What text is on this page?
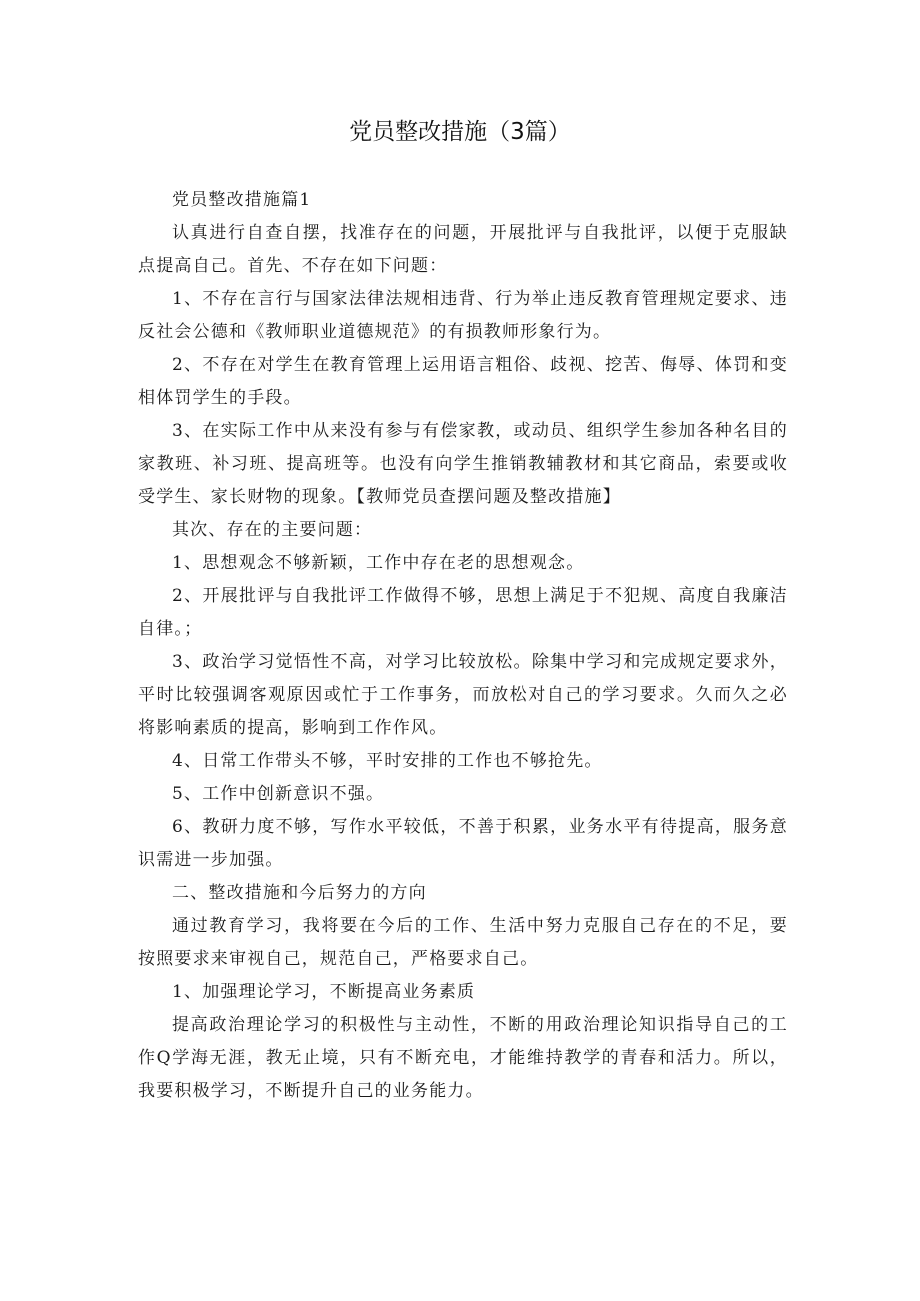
党员整改措施（3篇）

党员整改措施篇1

认真进行自查自摆，找准存在的问题，开展批评与自我批评，以便于克服缺点提高自己。首先、不存在如下问题：

1、不存在言行与国家法律法规相违背、行为举止违反教育管理规定要求、违反社会公德和《教师职业道德规范》的有损教师形象行为。

2、不存在对学生在教育管理上运用语言粗俗、歧视、挖苦、侮辱、体罚和变相体罚学生的手段。

3、在实际工作中从来没有参与有偿家教，或动员、组织学生参加各种名目的家教班、补习班、提高班等。也没有向学生推销教辅教材和其它商品，索要或收受学生、家长财物的现象。【教师党员查摆问题及整改措施】

其次、存在的主要问题：

1、思想观念不够新颖，工作中存在老的思想观念。

2、开展批评与自我批评工作做得不够，思想上满足于不犯规、高度自我廉洁自律。；

3、政治学习觉悟性不高，对学习比较放松。除集中学习和完成规定要求外，平时比较强调客观原因或忙于工作事务，而放松对自己的学习要求。久而久之必将影响素质的提高，影响到工作作风。

4、日常工作带头不够，平时安排的工作也不够抢先。

5、工作中创新意识不强。

6、教研力度不够，写作水平较低，不善于积累，业务水平有待提高，服务意识需进一步加强。

二、整改措施和今后努力的方向

通过教育学习，我将要在今后的工作、生活中努力克服自己存在的不足，要按照要求来审视自己，规范自己，严格要求自己。

1、加强理论学习，不断提高业务素质

提高政治理论学习的积极性与主动性，不断的用政治理论知识指导自己的工作Q学海无涯，教无止境，只有不断充电，才能维持教学的青春和活力。所以，我要积极学习，不断提升自己的业务能力。
